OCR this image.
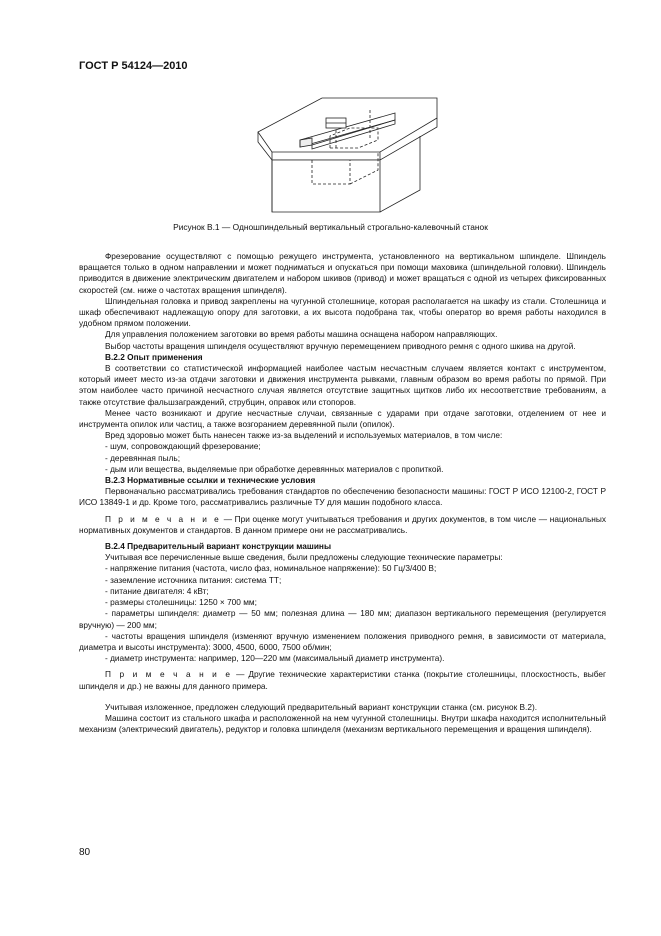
ГОСТ Р 54124—2010
Рисунок В.1 — Одношпиндельный вертикальный строгально-калевочный станок

Фрезерование осуществляют с помощью режущего инструмента, установленного на вертикальном шпинделе. Шпиндель вращается только в одном направлении и может подниматься и опускаться при помощи маховика (шпиндельной головки). Шпиндель приводится в движение электрическим двигателем и набором шкивов (привод) и может вращаться с одной из четырех фиксированных скоростей (см. ниже о частотах вращения шпинделя).

Шпиндельная головка и привод закреплены на чугунной столешнице, которая располагается на шкафу из стали. Столешница и шкаф обеспечивают надлежащую опору для заготовки, а их высота подобрана так, чтобы оператор во время работы находился в удобном прямом положении.

Для управления положением заготовки во время работы машина оснащена набором направляющих.

Выбор частоты вращения шпинделя осуществляют вручную перемещением приводного ремня с одного шкива на другой.

В.2.2 Опыт применения

В соответствии со статистической информацией наиболее частым несчастным случаем является контакт с инструментом, который имеет место из-за отдачи заготовки и движения инструмента рывками, главным образом во время работы по прямой. При этом наиболее часто причиной несчастного случая является отсутствие защитных щитков либо их несоответствие требованиям, а также отсутствие фальшзаграждений, струбцин, оправок или стопоров.

Менее часто возникают и другие несчастные случаи, связанные с ударами при отдаче заготовки, отделением от нее и инструмента опилок или частиц, а также возгоранием деревянной пыли (опилок).

Вред здоровью может быть нанесен также из-за выделений и используемых материалов, в том числе:

- шум, сопровождающий фрезерование;

- деревянная пыль;

- дым или вещества, выделяемые при обработке деревянных материалов с пропиткой.

В.2.3 Нормативные ссылки и технические условия

Первоначально рассматривались требования стандартов по обеспечению безопасности машины: ГОСТ Р ИСО 12100-2, ГОСТ Р ИСО 13849-1 и др. Кроме того, рассматривались различные ТУ для машин подобного класса.

П р и м е ч а н и е — При оценке могут учитываться требования и других документов, в том числе — национальных нормативных документов и стандартов. В данном примере они не рассматривались.

В.2.4 Предварительный вариант конструкции машины

Учитывая все перечисленные выше сведения, были предложены следующие технические параметры:

- напряжение питания (частота, число фаз, номинальное напряжение): 50 Гц/3/400 В;

- заземление источника питания: система ТТ;

- питание двигателя: 4 кВт;

- размеры столешницы: 1250 × 700 мм;

- параметры шпинделя: диаметр — 50 мм; полезная длина — 180 мм; диапазон вертикального перемещения (регулируется вручную) — 200 мм;

- частоты вращения шпинделя (изменяют вручную изменением положения приводного ремня, в зависимости от материала, диаметра и высоты инструмента): 3000, 4500, 6000, 7500 об/мин;

- диаметр инструмента: например, 120—220 мм (максимальный диаметр инструмента).

П р и м е ч а н и е — Другие технические характеристики станка (покрытие столешницы, плоскостность, выбег шпинделя и др.) не важны для данного примера.

Учитывая изложенное, предложен следующий предварительный вариант конструкции станка (см. рисунок В.2).

Машина состоит из стального шкафа и расположенной на нем чугунной столешницы. Внутри шкафа находится исполнительный механизм (электрический двигатель), редуктор и головка шпинделя (механизм вертикального перемещения и вращения шпинделя).

80
